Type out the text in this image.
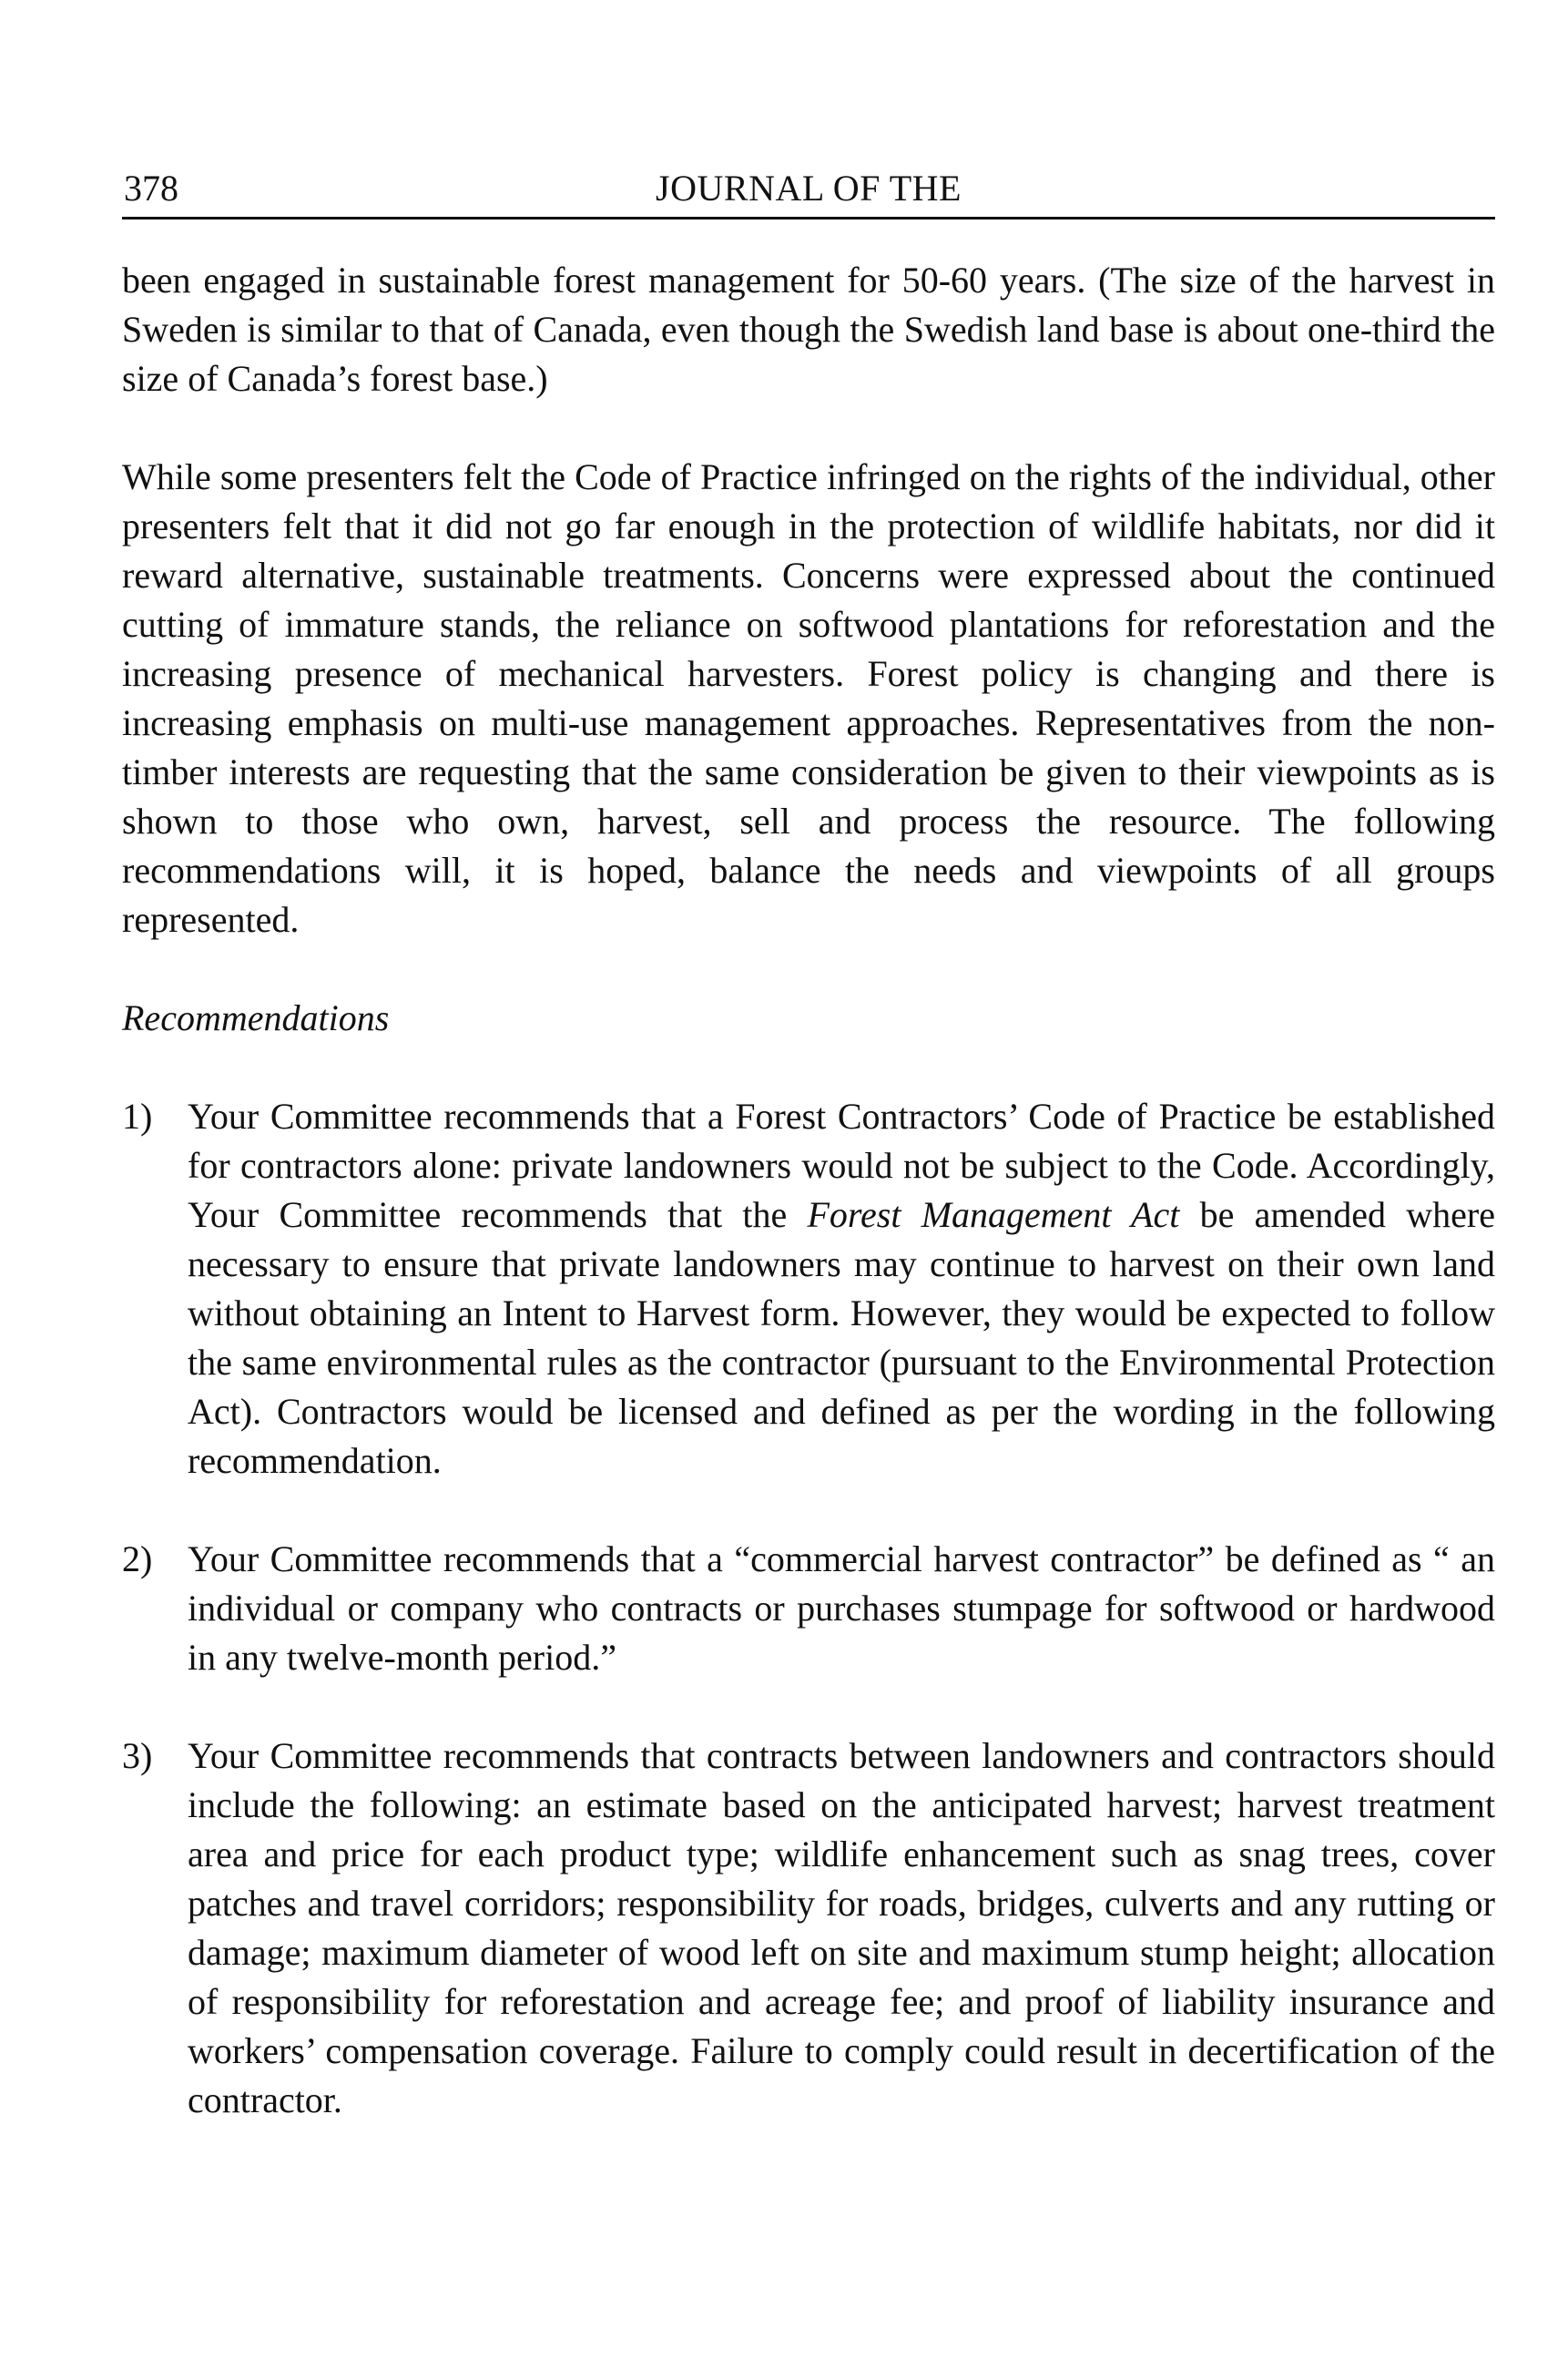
378	JOURNAL OF THE

been engaged in sustainable forest management for 50-60 years. (The size of the harvest in Sweden is similar to that of Canada, even though the Swedish land base is about one-third the size of Canada’s forest base.)

While some presenters felt the Code of Practice infringed on the rights of the individual, other presenters felt that it did not go far enough in the protection of wildlife habitats, nor did it reward alternative, sustainable treatments. Concerns were expressed about the continued cutting of immature stands, the reliance on softwood plantations for reforestation and the increasing presence of mechanical harvesters. Forest policy is changing and there is increasing emphasis on multi-use management approaches. Representatives from the non-timber interests are requesting that the same consideration be given to their viewpoints as is shown to those who own, harvest, sell and process the resource. The following recommendations will, it is hoped, balance the needs and viewpoints of all groups represented.

Recommendations

1) Your Committee recommends that a Forest Contractors’ Code of Practice be established for contractors alone: private landowners would not be subject to the Code. Accordingly, Your Committee recommends that the Forest Management Act be amended where necessary to ensure that private landowners may continue to harvest on their own land without obtaining an Intent to Harvest form. However, they would be expected to follow the same environmental rules as the contractor (pursuant to the Environmental Protection Act). Contractors would be licensed and defined as per the wording in the following recommendation.
2) Your Committee recommends that a “commercial harvest contractor” be defined as “ an individual or company who contracts or purchases stumpage for softwood or hardwood in any twelve-month period.”
3) Your Committee recommends that contracts between landowners and contractors should include the following: an estimate based on the anticipated harvest; harvest treatment area and price for each product type; wildlife enhancement such as snag trees, cover patches and travel corridors; responsibility for roads, bridges, culverts and any rutting or damage; maximum diameter of wood left on site and maximum stump height; allocation of responsibility for reforestation and acreage fee; and proof of liability insurance and workers’ compensation coverage. Failure to comply could result in decertification of the contractor.
